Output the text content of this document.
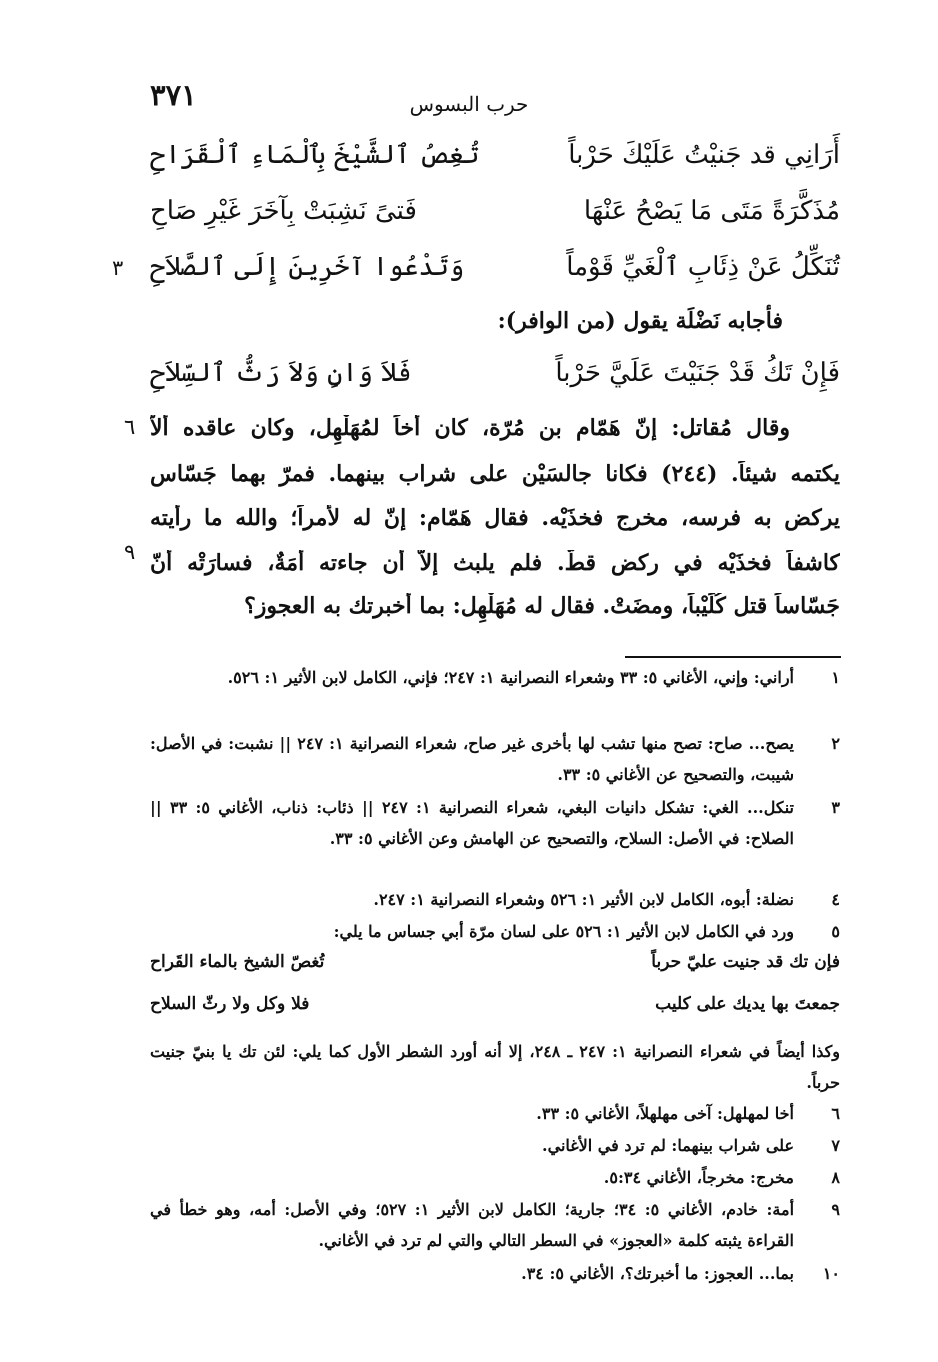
٣٧١	حرب البسوس
أَرَانِي قد جَنيْتُ عَلَيْكَ حَرْباً
تُغِصُ ٱلشَّيْخَ بِٱلْمَاءِ ٱلْقَرَاحِ
مُذَكَّرَةً مَتَى مَا يَصْحُ عَنْهَا
فَتىً نَشِبَتْ بِآخَرَ غَيْرِ صَاحِ
تُنَكِّلُ عَنْ ذِئَابِ ٱلْغَيِّ قَوْماً
وَتَدْعُوا آخَرِينَ إِلَى ٱلصَّلاَحِ
٣
فأجابه نَضْلَة يقول (من الوافر):
فَإِنْ تَكُ قَدْ جَنَيْتَ عَلَيَّ حَرْباً
فَلاَ وَانٍ وَلاَ رَثُّ ٱلسِّلاَحِ
وقال مُقاتل: إنّ هَمّام بن مُرّة، كان أخاً لمُهَلْهِل، وكان عاقده ألاّ
٦
يكتمه شيئاً. (٢٤٤) فكانا جالسَيْن على شراب بينهما. فمرّ بهما جَسّاس
يركض به فرسه، مخرج فخذَيْه. فقال هَمّام: إنّ له لأمراً؛ والله ما رأيته
كاشفاً فخذَيْه في ركض قطّ. فلم يلبث إلاّ أن جاءته أَمَةٌ، فسارَتْه أنّ
٩
جَسّاساً قتل كُلَيْباً، ومضَتْ. فقال له مُهَلْهِل: بما أخبرتك به العجوز؟
١
أراني: وإني، الأغاني ٥: ٣٣ وشعراء النصرانية ١: ٢٤٧؛ فإني، الكامل لابن الأثير ١: ٥٢٦.
٢
يصح... صاح: تصح منها تشب لها بأخرى غير صاح، شعراء النصرانية ١: ٢٤٧ || نشبت: في الأصل: شيبت، والتصحيح عن الأغاني ٥: ٣٣.
٣
تنكل... الغي: تشكل دانيات البغي، شعراء النصرانية ١: ٢٤٧ || ذئاب: ذناب، الأغاني ٥: ٣٣ || الصلاح: في الأصل: السلاح، والتصحيح عن الهامش وعن الأغاني ٥: ٣٣.
٤
نضلة: أبوه، الكامل لابن الأثير ١: ٥٢٦ وشعراء النصرانية ١: ٢٤٧.
٥
ورد في الكامل لابن الأثير ١: ٥٢٦ على لسان مرّة أبي جساس ما يلي:
فإن تك قد جنيت عليّ حرباً
تُغصّ الشيخ بالماء القَراح
جمعتَ بها يديك على كليب
فلا وكل ولا رثّ السلاح
وكذا أيضاً في شعراء النصرانية ١: ٢٤٧ ـ ٢٤٨، إلا أنه أورد الشطر الأول كما يلي: لئن تك يا بنيّ جنيت حرباً.
٦
أخا لمهلهل: آخى مهلهلاً، الأغاني ٥: ٣٣.
٧
على شراب بينهما: لم ترد في الأغاني.
٨
مخرج: مخرجاً، الأغاني ٥:٣٤.
٩
أمة: خادم، الأغاني ٥: ٣٤؛ جارية؛ الكامل لابن الأثير ١: ٥٢٧؛ وفي الأصل: أمه، وهو خطأ في القراءة يثبته كلمة «العجوز» في السطر التالي والتي لم ترد في الأغاني.
١٠
بما... العجوز: ما أخبرتك؟، الأغاني ٥: ٣٤.
